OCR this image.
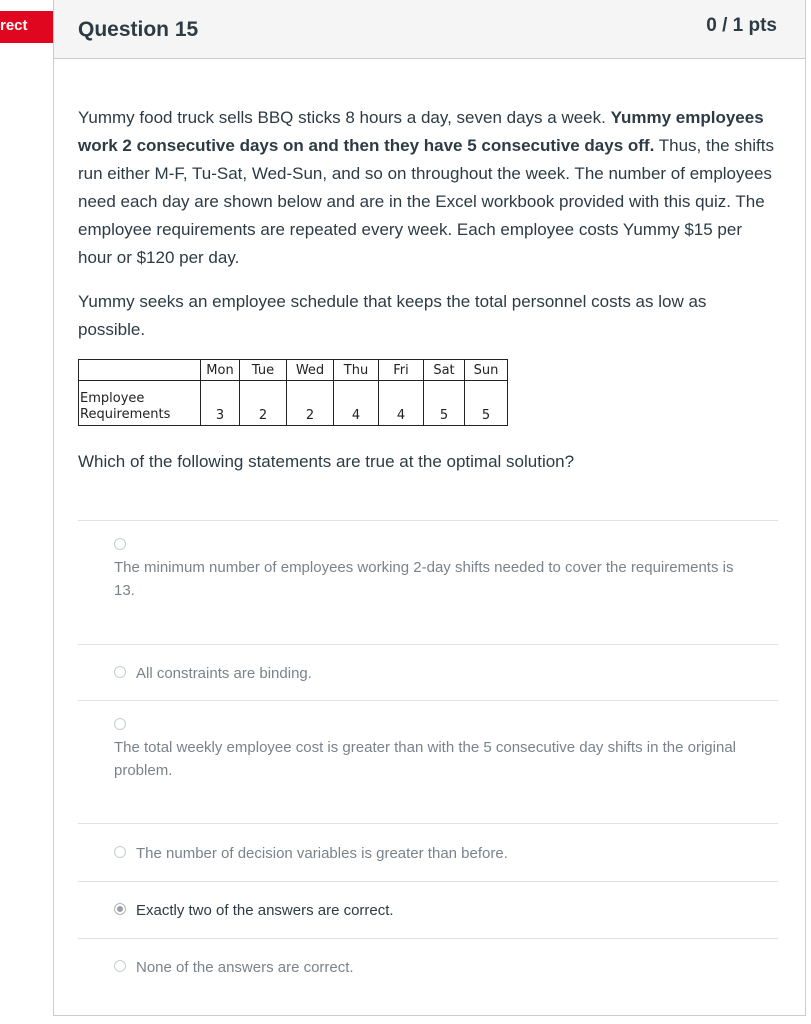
rect Question 15	0 / 1 pts

Yummy food truck sells BBQ sticks 8 hours a day, seven days a week. Yummy employees work 2 consecutive days on and then they have 5 consecutive days off. Thus, the shifts run either M-F, Tu-Sat, Wed-Sun, and so on throughout the week. The number of employees need each day are shown below and are in the Excel workbook provided with this quiz. The employee requirements are repeated every week. Each employee costs Yummy $15 per hour or $120 per day.

Yummy seeks an employee schedule that keeps the total personnel costs as low as possible.

	Mon	Tue	Wed	Thu	Fri	Sat	Sun
Employee
Requirements	3	2	2	4	4	5	5
Which of the following statements are true at the optimal solution?
The minimum number of employees working 2-day shifts needed to cover the requirements is 13.
All constraints are binding.
The total weekly employee cost is greater than with the 5 consecutive day shifts in the original problem.
The number of decision variables is greater than before.
Exactly two of the answers are correct.
None of the answers are correct.
